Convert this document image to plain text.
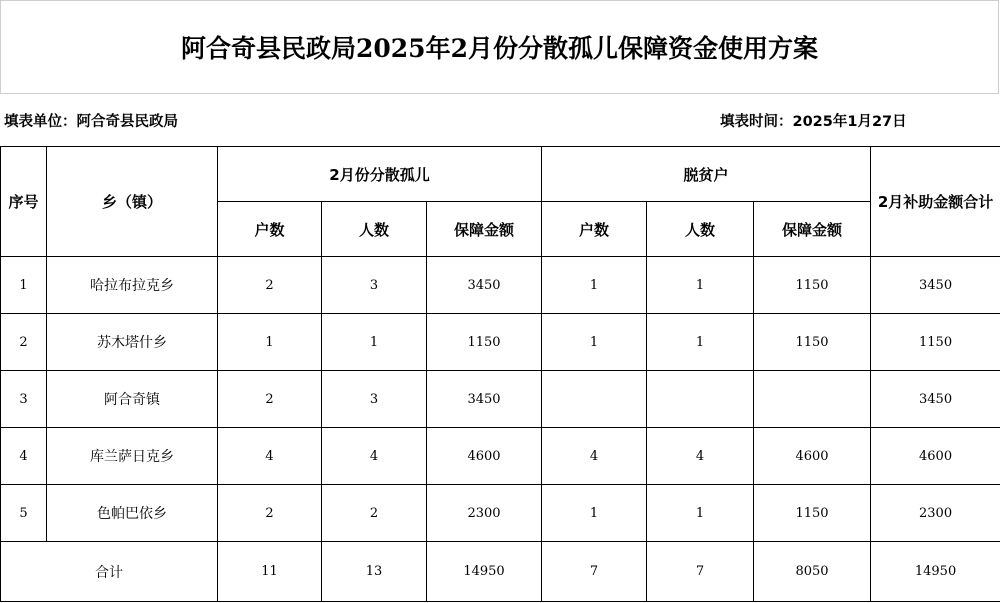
阿合奇县民政局2025年2月份分散孤儿保障资金使用方案
填表单位：阿合奇县民政局	填表时间：2025年1月27日
序号	乡（镇）	2月份分散孤儿			脱贫户			2月补助金额合计

		户数	人数	保障金额	户数	人数	保障金额	
1	哈拉布拉克乡	2	3	3450	1	1	1150	3450
2	苏木塔什乡	1	1	1150	1	1	1150	1150
3	阿合奇镇	2	3	3450				3450
4	库兰萨日克乡	4	4	4600	4	4	4600	4600
5	色帕巴依乡	2	2	2300	1	1	1150	2300
合计		11	13	14950	7	7	8050	14950
